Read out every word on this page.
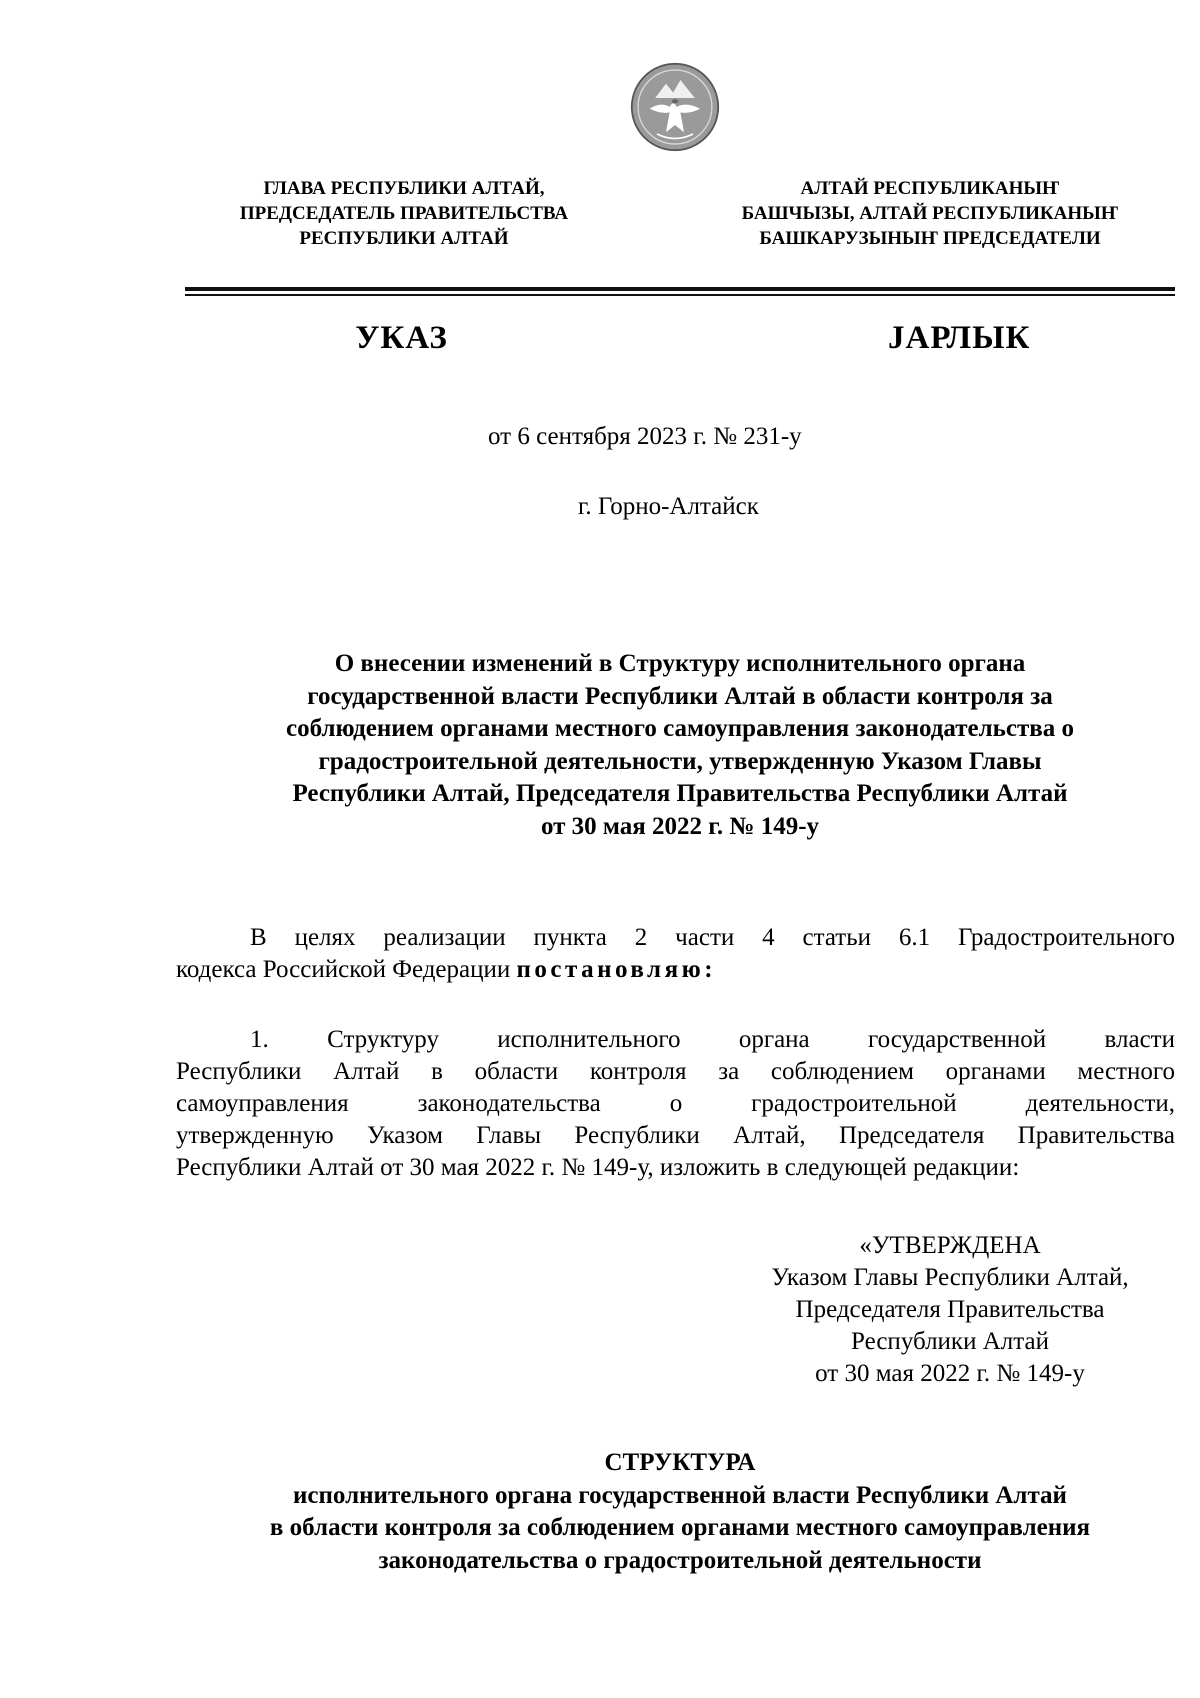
ГЛАВА РЕСПУБЛИКИ АЛТАЙ,
ПРЕДСЕДАТЕЛЬ ПРАВИТЕЛЬСТВА
РЕСПУБЛИКИ АЛТАЙ
АЛТАЙ РЕСПУБЛИКАНЫҤ
БАШЧЫЗЫ, АЛТАЙ РЕСПУБЛИКАНЫҤ
БАШКАРУЗЫНЫҤ ПРЕДСЕДАТЕЛИ
УКАЗ	ЈАРЛЫК
от 6 сентября 2023 г. № 231-у
г. Горно-Алтайск
О внесении изменений в Структуру исполнительного органа
государственной власти Республики Алтай в области контроля за
соблюдением органами местного самоуправления законодательства о
градостроительной деятельности, утвержденную Указом Главы
Республики Алтай, Председателя Правительства Республики Алтай
от 30 мая 2022 г. № 149-у
В целях реализации пункта 2 части 4 статьи 6.1 Градостроительного
кодекса Российской Федерации постановляю:
1. Структуру исполнительного органа государственной власти
Республики Алтай в области контроля за соблюдением органами местного
самоуправления законодательства о градостроительной деятельности,
утвержденную Указом Главы Республики Алтай, Председателя Правительства
Республики Алтай от 30 мая 2022 г. № 149-у, изложить в следующей редакции:
«УТВЕРЖДЕНА
Указом Главы Республики Алтай,
Председателя Правительства
Республики Алтай
от 30 мая 2022 г. № 149-у
СТРУКТУРА
исполнительного органа государственной власти Республики Алтай
в области контроля за соблюдением органами местного самоуправления
законодательства о градостроительной деятельности
